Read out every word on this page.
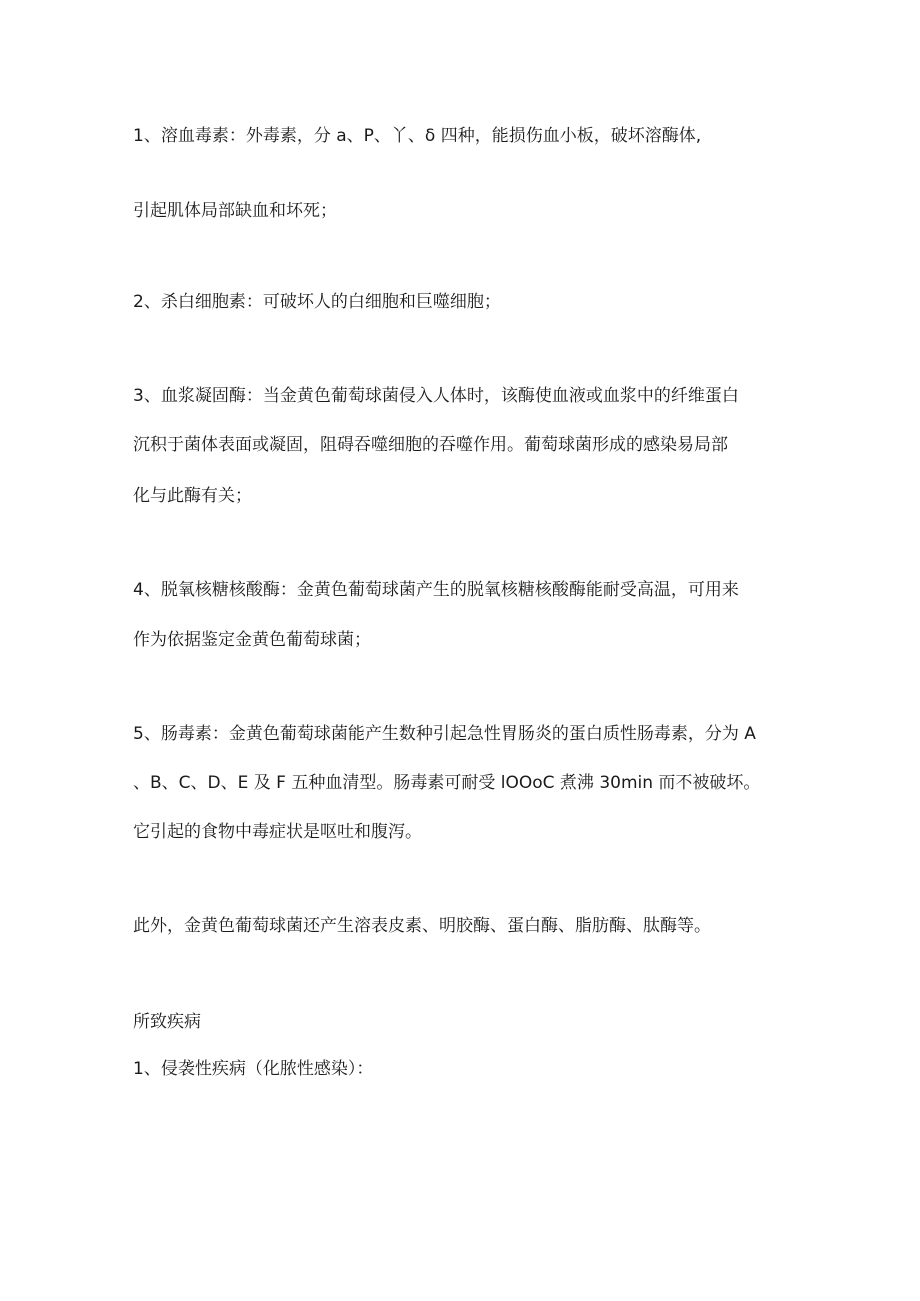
1、溶血毒素：外毒素，分 a、P、丫、δ 四种，能损伤血小板，破坏溶酶体,
引起肌体局部缺血和坏死；
2、杀白细胞素：可破坏人的白细胞和巨噬细胞；
3、血浆凝固酶：当金黄色葡萄球菌侵入人体时，该酶使血液或血浆中的纤维蛋白
沉积于菌体表面或凝固，阻碍吞噬细胞的吞噬作用。葡萄球菌形成的感染易局部
化与此酶有关；
4、脱氧核糖核酸酶：金黄色葡萄球菌产生的脱氧核糖核酸酶能耐受高温，可用来
作为依据鉴定金黄色葡萄球菌；
5、肠毒素：金黄色葡萄球菌能产生数种引起急性胃肠炎的蛋白质性肠毒素，分为 A
、B、C、D、E 及 F 五种血清型。肠毒素可耐受 lOOoC 煮沸 30min 而不被破坏。
它引起的食物中毒症状是呕吐和腹泻。
此外，金黄色葡萄球菌还产生溶表皮素、明胶酶、蛋白酶、脂肪酶、肽酶等。
所致疾病
1、侵袭性疾病（化脓性感染）：
